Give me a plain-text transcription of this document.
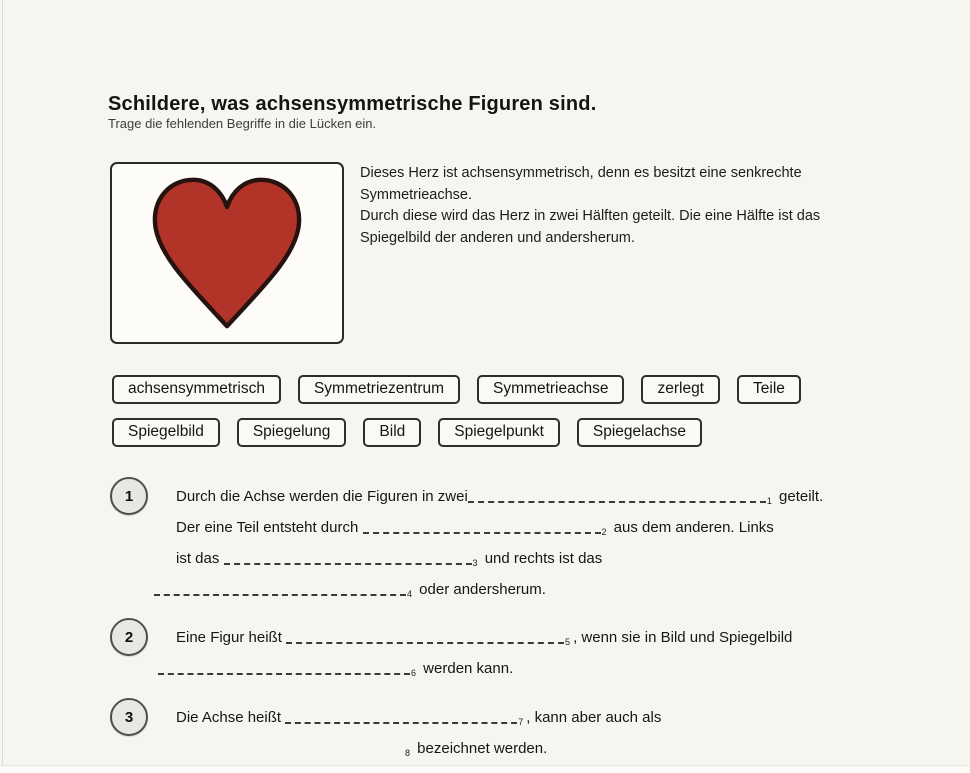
Schildere, was achsensymmetrische Figuren sind.
Trage die fehlenden Begriffe in die Lücken ein.
Dieses Herz ist achsensymmetrisch, denn es besitzt eine senkrechte
Symmetrieachse.
Durch diese wird das Herz in zwei Hälften geteilt. Die eine Hälfte ist das
Spiegelbild der anderen und andersherum.
achsensymmetrisch	Symmetriezentrum	Symmetrieachse	zerlegt	Teile
Spiegelbild	Spiegelung	Bild	Spiegelpunkt	Spiegelachse
1	Durch die Achse werden die Figuren in zwei	$_1$ geteilt.
Der eine Teil entsteht durch	$_2$ aus dem anderen. Links
ist das	$_3$ und rechts ist das
$_4$ oder andersherum.
2	Eine Figur heißt	$_5$ , wenn sie in Bild und Spiegelbild
$_6$ werden kann.
3	Die Achse heißt	$_7$ , kann aber auch als
$_8$ bezeichnet werden.
